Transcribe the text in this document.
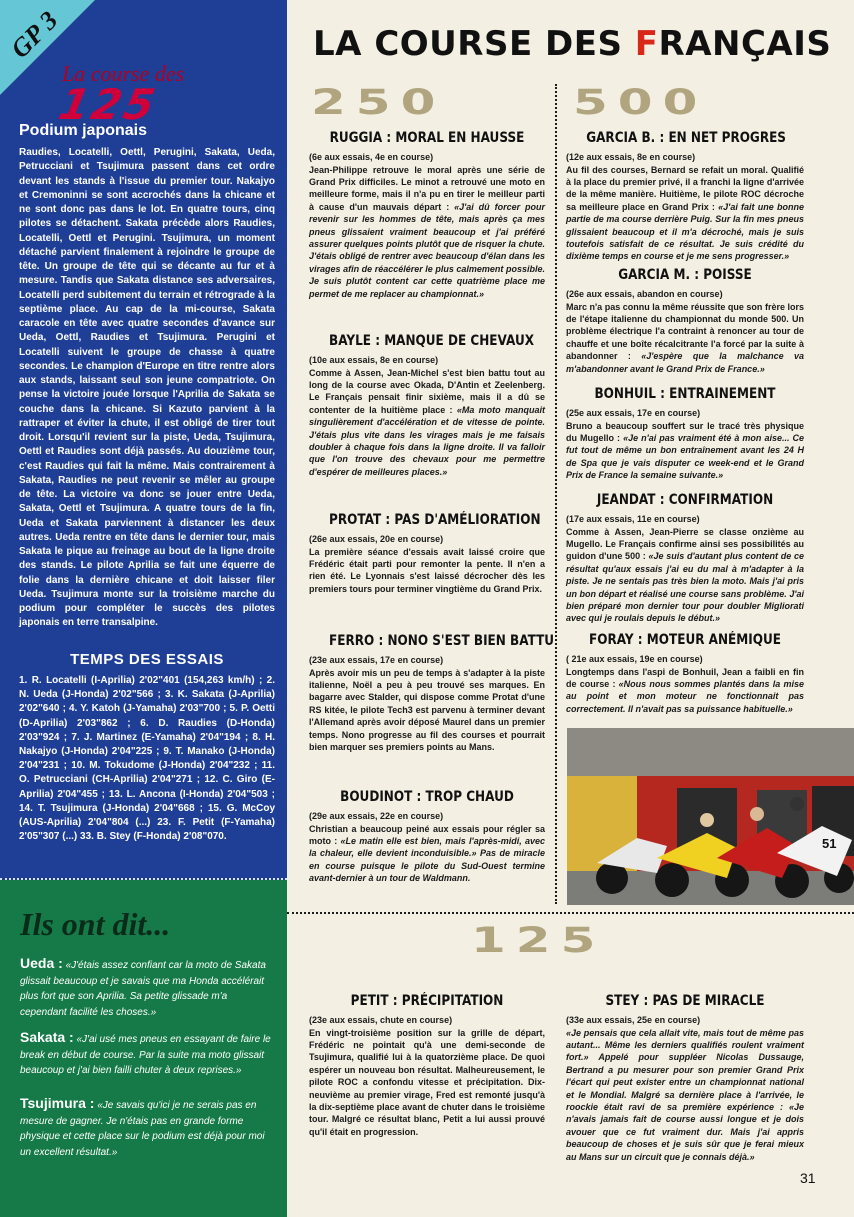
GP 3
La course des
125
Podium japonais
Raudies, Locatelli, Oettl, Perugini, Sakata, Ueda, Petrucciani et Tsujimura passent dans cet ordre devant les stands à l'issue du premier tour. Nakajyo et Cremoninni se sont accrochés dans la chicane et ne sont donc pas dans le lot. En quatre tours, cinq pilotes se détachent. Sakata précède alors Raudies, Locatelli, Oettl et Perugini. Tsujimura, un moment détaché parvient finalement à rejoindre le groupe de tête. Un groupe de tête qui se décante au fur et à mesure. Tandis que Sakata distance ses adversaires, Locatelli perd subitement du terrain et rétrograde à la septième place. Au cap de la mi-course, Sakata caracole en tête avec quatre secondes d'avance sur Ueda, Oettl, Raudies et Tsujimura. Perugini et Locatelli suivent le groupe de chasse à quatre secondes. Le champion d'Europe en titre rentre alors aux stands, laissant seul son jeune compatriote. On pense la victoire jouée lorsque l'Aprilia de Sakata se couche dans la chicane. Si Kazuto parvient à la rattraper et éviter la chute, il est obligé de tirer tout droit. Lorsqu'il revient sur la piste, Ueda, Tsujimura, Oettl et Raudies sont déjà passés. Au douzième tour, c'est Raudies qui fait la même. Mais contrairement à Sakata, Raudies ne peut revenir se mêler au groupe de tête. La victoire va donc se jouer entre Ueda, Sakata, Oettl et Tsujimura. A quatre tours de la fin, Ueda et Sakata parviennent à distancer les deux autres. Ueda rentre en tête dans le dernier tour, mais Sakata le pique au freinage au bout de la ligne droite des stands. Le pilote Aprilia se fait une équerre de folie dans la dernière chicane et doit laisser filer Ueda. Tsujimura monte sur la troisième marche du podium pour compléter le succès des pilotes japonais en terre transalpine.
TEMPS DES ESSAIS
1. R. Locatelli (I-Aprilia) 2'02"401 (154,263 km/h) ; 2. N. Ueda (J-Honda) 2'02"566 ; 3. K. Sakata (J-Aprilia) 2'02"640 ; 4. Y. Katoh (J-Yamaha) 2'03"700 ; 5. P. Oetti (D-Aprilia) 2'03"862 ; 6. D. Raudies (D-Honda) 2'03"924 ; 7. J. Martinez (E-Yamaha) 2'04"194 ; 8. H. Nakajyo (J-Honda) 2'04"225 ; 9. T. Manako (J-Honda) 2'04"231 ; 10. M. Tokudome (J-Honda) 2'04"232 ; 11. O. Petrucciani (CH-Aprilia) 2'04"271 ; 12. C. Giro (E-Aprilia) 2'04"455 ; 13. L. Ancona (I-Honda) 2'04"503 ; 14. T. Tsujimura (J-Honda) 2'04"668 ; 15. G. McCoy (AUS-Aprilia) 2'04"804 (...) 23. F. Petit (F-Yamaha) 2'05"307 (...) 33. B. Stey (F-Honda) 2'08"070.
Ils ont dit...
Ueda : «J'étais assez confiant car la moto de Sakata glissait beaucoup et je savais que ma Honda accélérait plus fort que son Aprilia. Sa petite glissade m'a cependant facilité les choses.»
Sakata : «J'ai usé mes pneus en essayant de faire le break en début de course. Par la suite ma moto glissait beaucoup et j'ai bien failli chuter à deux reprises.»
Tsujimura : «Je savais qu'ici je ne serais pas en mesure de gagner. Je n'étais pas en grande forme physique et cette place sur le podium est déjà pour moi un excellent résultat.»
LA COURSE DES FRANÇAIS
250	500
RUGGIA : MORAL EN HAUSSE
(6e aux essais, 4e en course)
Jean-Philippe retrouve le moral après une série de Grand Prix difficiles. Le minot a retrouvé une moto en meilleure forme, mais il n'a pu en tirer le meilleur parti à cause d'un mauvais départ : «J'ai dû forcer pour revenir sur les hommes de tête, mais après ça mes pneus glissaient vraiment beaucoup et j'ai préféré assurer quelques points plutôt que de risquer la chute. J'étais obligé de rentrer avec beaucoup d'élan dans les virages afin de réaccélérer le plus calmement possible. Je suis plutôt content car cette quatrième place me permet de me replacer au championnat.»
BAYLE : MANQUE DE CHEVAUX
(10e aux essais, 8e en course)
Comme à Assen, Jean-Michel s'est bien battu tout au long de la course avec Okada, D'Antin et Zeelenberg. Le Français pensait finir sixième, mais il a dû se contenter de la huitième place : «Ma moto manquait singulièrement d'accélération et de vitesse de pointe. J'étais plus vite dans les virages mais je me faisais doubler à chaque fois dans la ligne droite. Il va falloir que l'on trouve des chevaux pour me permettre d'espérer de meilleures places.»
PROTAT : PAS D'AMÉLIORATION
(26e aux essais, 20e en course)
La première séance d'essais avait laissé croire que Frédéric était parti pour remonter la pente. Il n'en a rien été. Le Lyonnais s'est laissé décrocher dès les premiers tours pour terminer vingtième du Grand Prix.
FERRO : NONO S'EST BIEN BATTU
(23e aux essais, 17e en course)
Après avoir mis un peu de temps à s'adapter à la piste italienne, Noël a peu à peu trouvé ses marques. En bagarre avec Stalder, qui dispose comme Protat d'une RS kitée, le pilote Tech3 est parvenu à terminer devant l'Allemand après avoir déposé Maurel dans un premier temps. Nono progresse au fil des courses et pourrait bien marquer ses premiers points au Mans.
BOUDINOT : TROP CHAUD
(29e aux essais, 22e en course)
Christian a beaucoup peiné aux essais pour régler sa moto : «Le matin elle est bien, mais l'après-midi, avec la chaleur, elle devient inconduisible.» Pas de miracle en course puisque le pilote du Sud-Ouest termine avant-dernier à un tour de Waldmann.
GARCIA B. : EN NET PROGRES
(12e aux essais, 8e en course)
Au fil des courses, Bernard se refait un moral. Qualifié à la place du premier privé, il a franchi la ligne d'arrivée de la même manière. Huitième, le pilote ROC décroche sa meilleure place en Grand Prix : «J'ai fait une bonne partie de ma course derrière Puig. Sur la fin mes pneus glissaient beaucoup et il m'a décroché, mais je suis toutefois satisfait de ce résultat. Je suis crédité du dixième temps en course et je me sens progresser.»
GARCIA M. : POISSE
(26e aux essais, abandon en course)
Marc n'a pas connu la même réussite que son frère lors de l'étape italienne du championnat du monde 500. Un problème électrique l'a contraint à renoncer au tour de chauffe et une boîte récalcitrante l'a forcé par la suite à abandonner : «J'espère que la malchance va m'abandonner avant le Grand Prix de France.»
BONHUIL : ENTRAINEMENT
(25e aux essais, 17e en course)
Bruno a beaucoup souffert sur le tracé très physique du Mugello : «Je n'ai pas vraiment été à mon aise... Ce fut tout de même un bon entraînement avant les 24 H de Spa que je vais disputer ce week-end et le Grand Prix de France la semaine suivante.»
JEANDAT : CONFIRMATION
(17e aux essais, 11e en course)
Comme à Assen, Jean-Pierre se classe onzième au Mugello. Le Français confirme ainsi ses possibilités au guidon d'une 500 : «Je suis d'autant plus content de ce résultat qu'aux essais j'ai eu du mal à m'adapter à la piste. Je ne sentais pas très bien la moto. Mais j'ai pris un bon départ et réalisé une course sans problème. J'ai bien préparé mon dernier tour pour doubler Migliorati avec qui je roulais depuis le début.»
FORAY : MOTEUR ANÉMIQUE
( 21e aux essais, 19e en course)
Longtemps dans l'aspi de Bonhuil, Jean a faibli en fin de course : «Nous nous sommes plantés dans la mise au point et mon moteur ne fonctionnait pas correctement. Il n'avait pas sa puissance habituelle.»
51
125
PETIT : PRÉCIPITATION
(23e aux essais, chute en course)
En vingt-troisième position sur la grille de départ, Frédéric ne pointait qu'à une demi-seconde de Tsujimura, qualifié lui à la quatorzième place. De quoi espérer un nouveau bon résultat. Malheureusement, le pilote ROC a confondu vitesse et précipitation. Dix-neuvième au premier virage, Fred est remonté jusqu'à la dix-septième place avant de chuter dans le troisième tour. Malgré ce résultat blanc, Petit a lui aussi prouvé qu'il était en progression.
STEY : PAS DE MIRACLE
(33e aux essais, 25e en course)
«Je pensais que cela allait vite, mais tout de même pas autant... Même les derniers qualifiés roulent vraiment fort.» Appelé pour suppléer Nicolas Dussauge, Bertrand a pu mesurer pour son premier Grand Prix l'écart qui peut exister entre un championnat national et le Mondial. Malgré sa dernière place à l'arrivée, le roockie était ravi de sa première expérience : «Je n'avais jamais fait de course aussi longue et je dois avouer que ce fut vraiment dur. Mais j'ai appris beaucoup de choses et je suis sûr que je ferai mieux au Mans sur un circuit que je connais déjà.»
31
